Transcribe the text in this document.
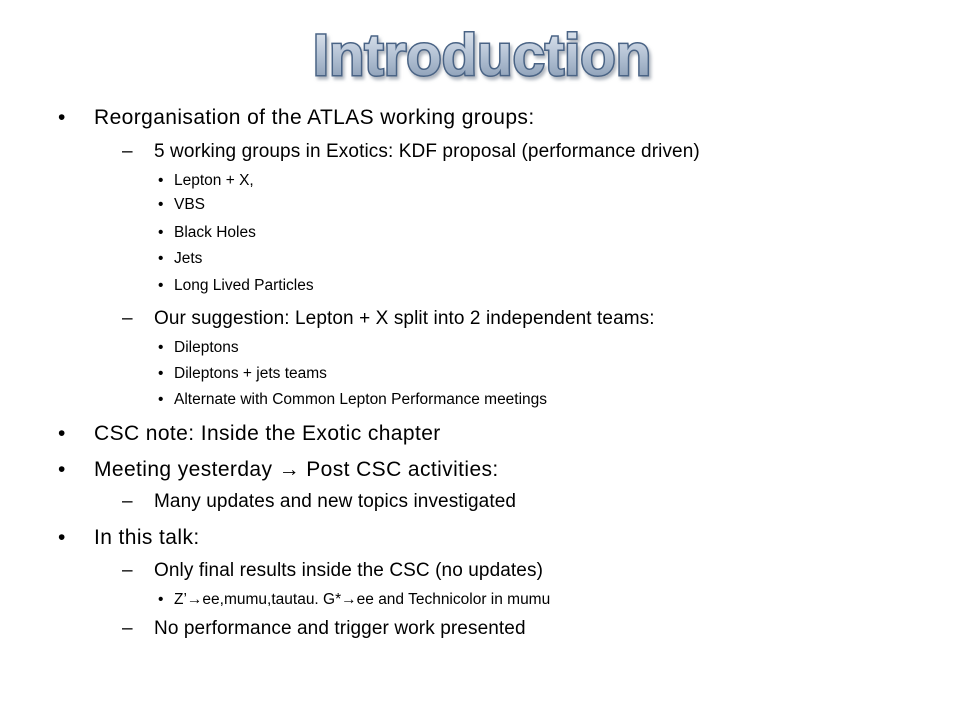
Introduction
• Reorganisation of the ATLAS working groups:
– 5 working groups in Exotics: KDF proposal (performance driven)
• Lepton + X,
• VBS
• Black Holes
• Jets
• Long Lived Particles
– Our suggestion: Lepton + X split into 2 independent teams:
• Dileptons
• Dileptons + jets teams
• Alternate with Common Lepton Performance meetings
• CSC note: Inside the Exotic chapter
• Meeting yesterday → Post CSC activities:
– Many updates and new topics investigated
• In this talk:
– Only final results inside the CSC (no updates)
• Z’→ee,mumu,tautau. G*→ee and Technicolor in mumu
– No performance and trigger work presented
